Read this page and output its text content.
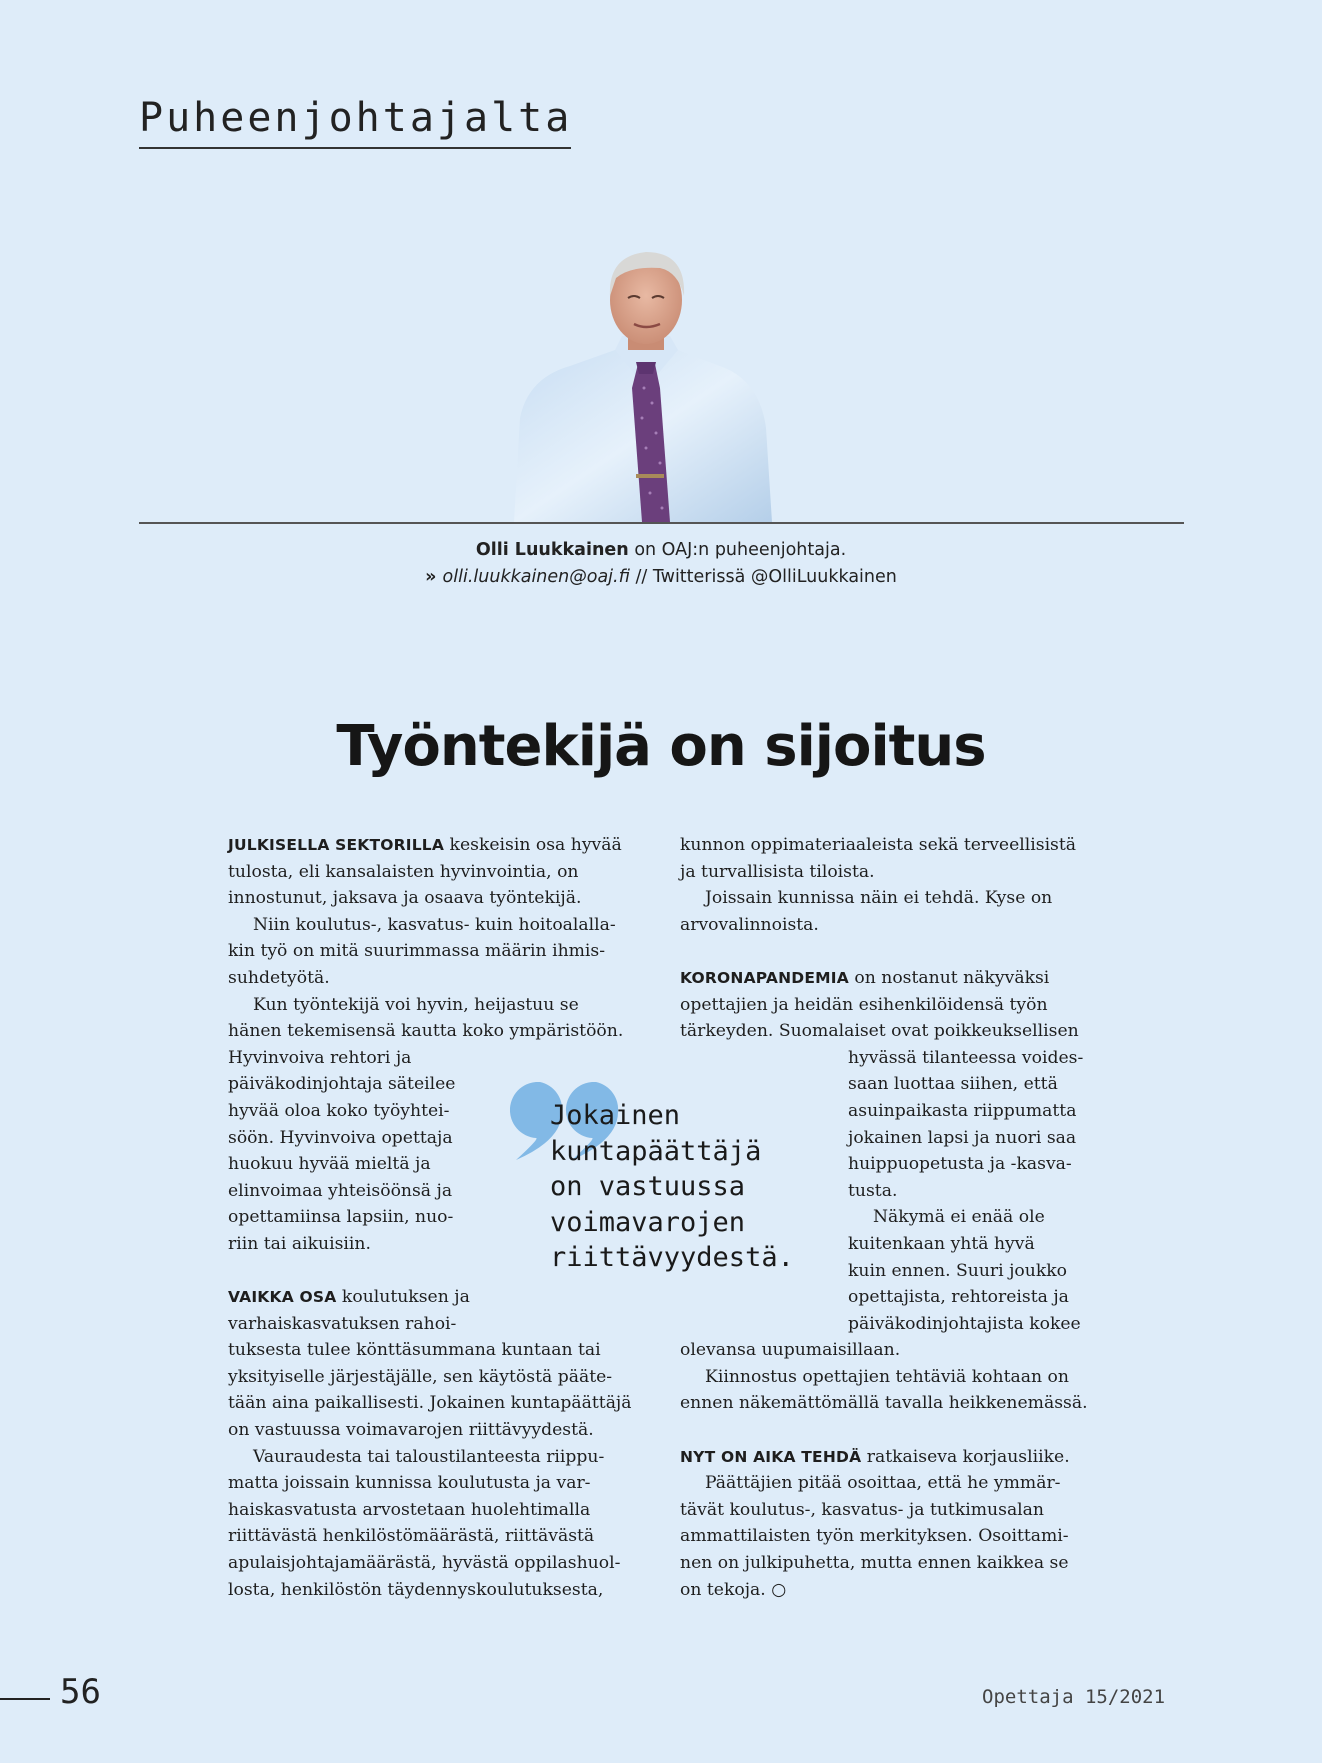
Puheenjohtajalta
Olli Luukkainen on OAJ:n puheenjohtaja.
» olli.luukkainen@oaj.fi // Twitterissä @OlliLuukkainen
Työntekijä on sijoitus
JULKISELLA SEKTORILLA keskeisin osa hyvää
tulosta, eli kansalaisten hyvinvointia, on
innostunut, jaksava ja osaava työntekijä.
Niin koulutus-, kasvatus- kuin hoitoalalla-
kin työ on mitä suurimmassa määrin ihmis-
suhdetyötä.
Kun työntekijä voi hyvin, heijastuu se
hänen tekemisensä kautta koko ympäristöön.
Hyvinvoiva rehtori ja
päiväkodinjohtaja säteilee
hyvää oloa koko työyhtei-
söön. Hyvinvoiva opettaja
huokuu hyvää mieltä ja
elinvoimaa yhteisöönsä ja
opettamiinsa lapsiin, nuo-
riin tai aikuisiin.
VAIKKA OSA koulutuksen ja
varhaiskasvatuksen rahoi-
tuksesta tulee könttäsummana kuntaan tai
yksityiselle järjestäjälle, sen käytöstä pääte-
tään aina paikallisesti. Jokainen kuntapäättäjä
on vastuussa voimavarojen riittävyydestä.
Vauraudesta tai taloustilanteesta riippu-
matta joissain kunnissa koulutusta ja var-
haiskasvatusta arvostetaan huolehtimalla
riittävästä henkilöstömäärästä, riittävästä
apulaisjohtajamäärästä, hyvästä oppilashuol-
losta, henkilöstön täydennyskoulutuksesta,
kunnon oppimateriaaleista sekä terveellisistä
ja turvallisista tiloista.
Joissain kunnissa näin ei tehdä. Kyse on
arvovalinnoista.
KORONAPANDEMIA on nostanut näkyväksi
opettajien ja heidän esihenkilöidensä työn
tärkeyden. Suomalaiset ovat poikkeuksellisen
hyvässä tilanteessa voides-
saan luottaa siihen, että
asuinpaikasta riippumatta
jokainen lapsi ja nuori saa
huippuopetusta ja -kasva-
tusta.
Näkymä ei enää ole
kuitenkaan yhtä hyvä
kuin ennen. Suuri joukko
opettajista, rehtoreista ja
päiväkodinjohtajista kokee
olevansa uupumaisillaan.
Kiinnostus opettajien tehtäviä kohtaan on
ennen näkemättömällä tavalla heikkenemässä.
NYT ON AIKA TEHDÄ ratkaiseva korjausliike.
Päättäjien pitää osoittaa, että he ymmär-
tävät koulutus-, kasvatus- ja tutkimusalan
ammattilaisten työn merkityksen. Osoittami-
nen on julkipuhetta, mutta ennen kaikkea se
on tekoja. ○
Jokainen
kuntapäättäjä
on vastuussa
voimavarojen
riittävyydestä.
56	Opettaja 15/2021
